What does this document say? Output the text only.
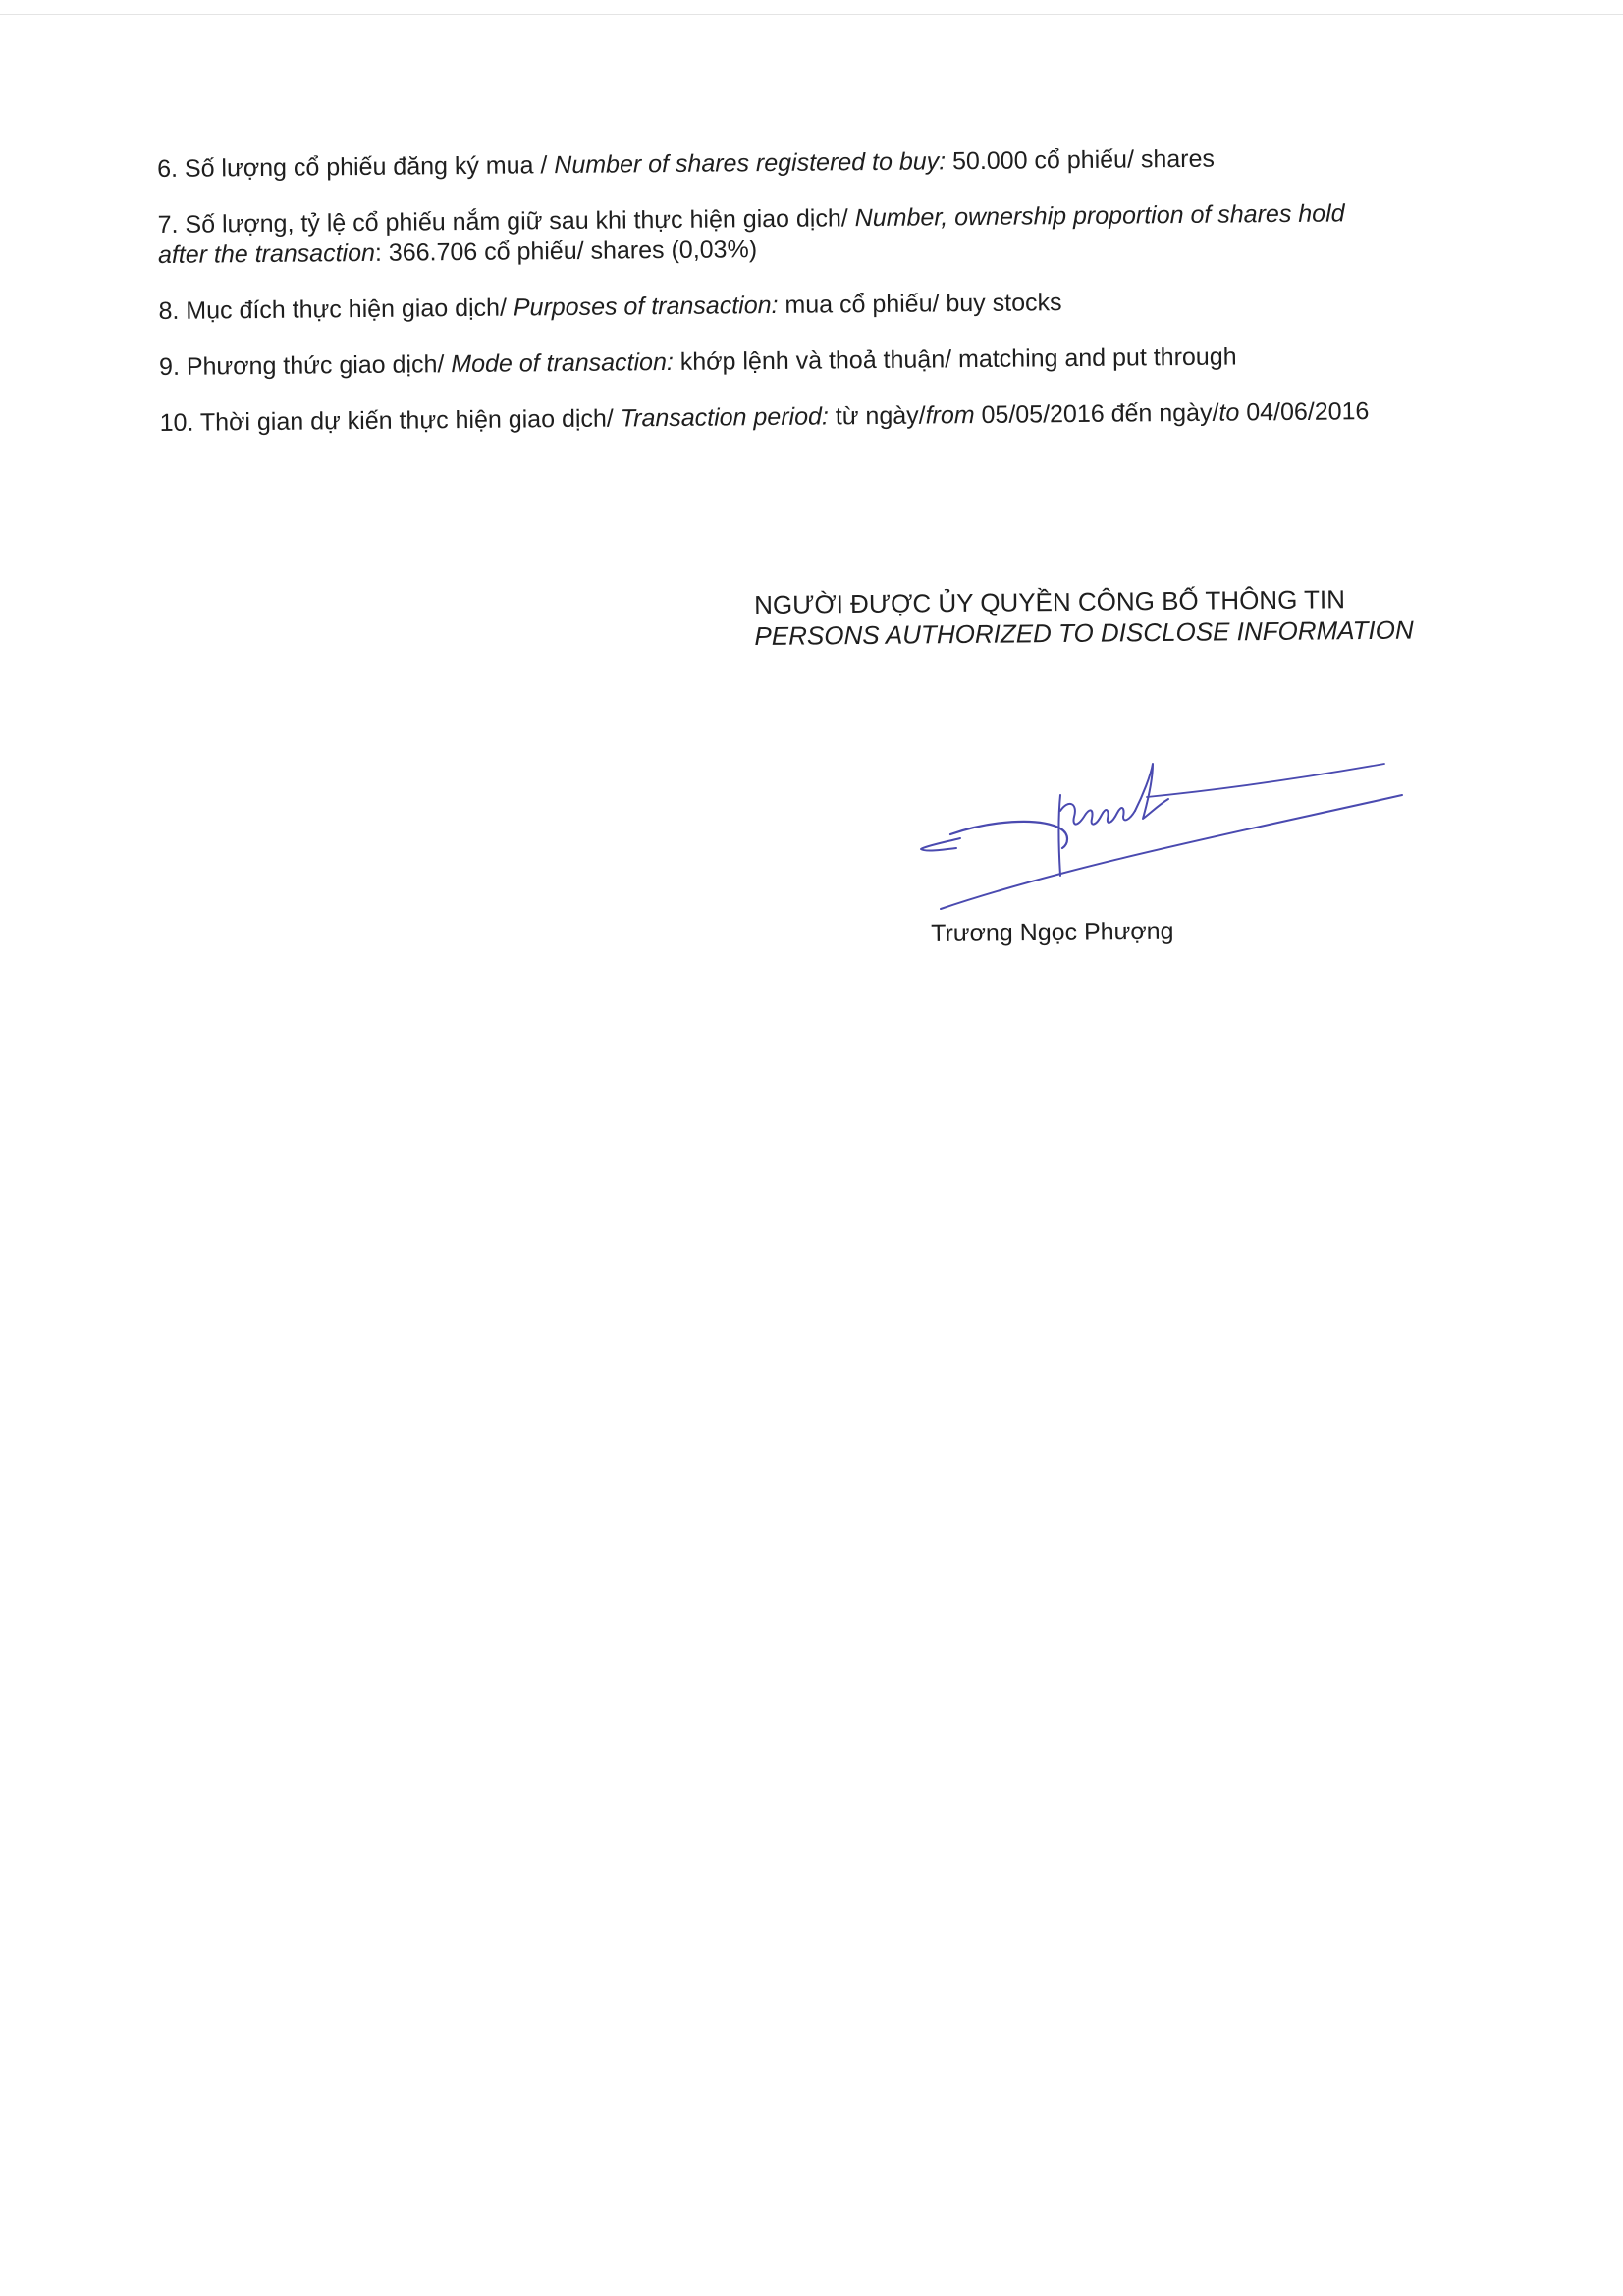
6. Số lượng cổ phiếu đăng ký mua / Number of shares registered to buy: 50.000 cổ phiếu/ shares
7. Số lượng, tỷ lệ cổ phiếu nắm giữ sau khi thực hiện giao dịch/ Number, ownership proportion of shares hold
after the transaction: 366.706 cổ phiếu/ shares (0,03%)
8. Mục đích thực hiện giao dịch/ Purposes of transaction: mua cổ phiếu/ buy stocks
9. Phương thức giao dịch/ Mode of transaction: khớp lệnh và thoả thuận/ matching and put through
10. Thời gian dự kiến thực hiện giao dịch/ Transaction period: từ ngày/from 05/05/2016 đến ngày/to 04/06/2016
NGƯỜI ĐƯỢC ỦY QUYỀN CÔNG BỐ THÔNG TIN
PERSONS AUTHORIZED TO DISCLOSE INFORMATION
Trương Ngọc Phượng
